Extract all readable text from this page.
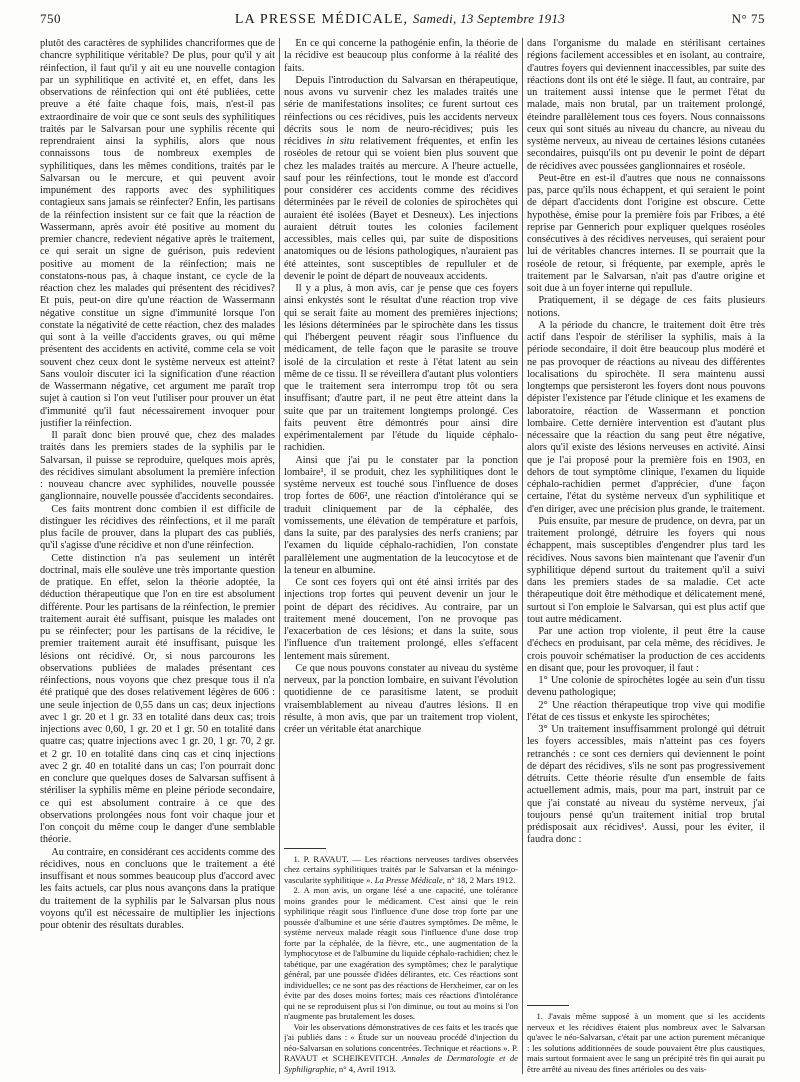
750	LA PRESSE MÉDICALE, Samedi, 13 Septembre 1913	N° 75

plutôt des caractères de syphilides chancriformes que de chancre syphilitique véritable? De plus, pour qu'il y ait réinfection, il faut qu'il y ait eu une nouvelle contagion par un syphilitique en activité et, en effet, dans les observations de réinfection qui ont été publiées, cette preuve a été faite chaque fois, mais, n'est-il pas extraordinaire de voir que ce sont seuls des syphilitiques traités par le Salvarsan pour une syphilis récente qui reprendraient ainsi la syphilis, alors que nous connaissons tous de nombreux exemples de syphilitiques, dans les mêmes conditions, traités par le Salvarsan ou le mercure, et qui peuvent avoir impunément des rapports avec des syphilitiques contagieux sans jamais se réinfecter? Enfin, les partisans de la réinfection insistent sur ce fait que la réaction de Wassermann, après avoir été positive au moment du premier chancre, redevient négative après le traitement, ce qui serait un signe de guérison, puis redevient positive au moment de la réinfection; mais ne constatons-nous pas, à chaque instant, ce cycle de la réaction chez les malades qui présentent des récidives? Et puis, peut-on dire qu'une réaction de Wassermann négative constitue un signe d'immunité lorsque l'on constate la négativité de cette réaction, chez des malades qui sont à la veille d'accidents graves, ou qui même présentent des accidents en activité, comme cela se voit souvent chez ceux dont le système nerveux est atteint? Sans vouloir discuter ici la signification d'une réaction de Wassermann négative, cet argument me paraît trop sujet à caution si l'on veut l'utiliser pour prouver un état d'immunité qu'il faut nécessairement invoquer pour justifier la réinfection.

Il paraît donc bien prouvé que, chez des malades traités dans les premiers stades de la syphilis par le Salvarsan, il puisse se reproduire, quelques mois après, des récidives simulant absolument la première infection : nouveau chancre avec syphilides, nouvelle poussée ganglionnaire, nouvelle poussée d'accidents secondaires.

Ces faits montrent donc combien il est difficile de distinguer les récidives des réinfections, et il me paraît plus facile de prouver, dans la plupart des cas publiés, qu'il s'agisse d'une récidive et non d'une réinfection.

Cette distinction n'a pas seulement un intérêt doctrinal, mais elle soulève une très importante question de pratique. En effet, selon la théorie adoptée, la déduction thérapeutique que l'on en tire est absolument différente. Pour les partisans de la réinfection, le premier traitement aurait été suffisant, puisque les malades ont pu se réinfecter; pour les partisans de la récidive, le premier traitement aurait été insuffisant, puisque les lésions ont récidivé. Or, si nous parcourons les observations publiées de malades présentant ces réinfections, nous voyons que chez presque tous il n'a été pratiqué que des doses relativement légères de 606 : une seule injection de 0,55 dans un cas; deux injections avec 1 gr. 20 et 1 gr. 33 en totalité dans deux cas; trois injections avec 0,60, 1 gr. 20 et 1 gr. 50 en totalité dans quatre cas; quatre injections avec 1 gr. 20, 1 gr. 70, 2 gr. et 2 gr. 10 en totalité dans cinq cas et cinq injections avec 2 gr. 40 en totalité dans un cas; l'on pourrait donc en conclure que quelques doses de Salvarsan suffisent à stériliser la syphilis même en pleine période secondaire, ce qui est absolument contraire à ce que des observations prolongées nous font voir chaque jour et l'on conçoit du même coup le danger d'une semblable théorie.

Au contraire, en considérant ces accidents comme des récidives, nous en concluons que le traitement a été insuffisant et nous sommes beaucoup plus d'accord avec les faits actuels, car plus nous avançons dans la pratique du traitement de la syphilis par le Salvarsan plus nous voyons qu'il est nécessaire de multiplier les injections pour obtenir des résultats durables.

En ce qui concerne la pathogénie enfin, la théorie de la récidive est beaucoup plus conforme à la réalité des faits.

Depuis l'introduction du Salvarsan en thérapeutique, nous avons vu survenir chez les malades traités une série de manifestations insolites; ce furent surtout ces réinfections ou ces récidives, puis les accidents nerveux décrits sous le nom de neuro-récidives; puis les récidives in situ relativement fréquentes, et enfin les roséoles de retour qui se voient bien plus souvent que chez les malades traités au mercure. A l'heure actuelle, sauf pour les réinfections, tout le monde est d'accord pour considérer ces accidents comme des récidives déterminées par le réveil de colonies de spirochètes qui auraient été isolées (Bayet et Desneux). Les injections auraient détruit toutes les colonies facilement accessibles, mais celles qui, par suite de dispositions anatomiques ou de lésions pathologiques, n'auraient pas été atteintes, sont susceptibles de repulluler et de devenir le point de départ de nouveaux accidents.

Il y a plus, à mon avis, car je pense que ces foyers ainsi enkystés sont le résultat d'une réaction trop vive qui se serait faite au moment des premières injections; les lésions déterminées par le spirochète dans les tissus qui l'hébergent peuvent réagir sous l'influence du médicament, de telle façon que le parasite se trouve isolé de la circulation et reste à l'état latent au sein même de ce tissu. Il se réveillera d'autant plus volontiers que le traitement sera interrompu trop tôt ou sera insuffisant; d'autre part, il ne peut être atteint dans la suite que par un traitement longtemps prolongé. Ces faits peuvent être démontrés pour ainsi dire expérimentalement par l'étude du liquide céphalo-rachidien.

Ainsi que j'ai pu le constater par la ponction lombaire¹, il se produit, chez les syphilitiques dont le système nerveux est touché sous l'influence de doses trop fortes de 606², une réaction d'intolérance qui se traduit cliniquement par de la céphalée, des vomissements, une élévation de température et parfois, dans la suite, par des paralysies des nerfs craniens; par l'examen du liquide céphalo-rachidien, l'on constate parallèlement une augmentation de la leucocytose et de la teneur en albumine.

Ce sont ces foyers qui ont été ainsi irrités par des injections trop fortes qui peuvent devenir un jour le point de départ des récidives. Au contraire, par un traitement mené doucement, l'on ne provoque pas l'exacerbation de ces lésions; et dans la suite, sous l'influence d'un traitement prolongé, elles s'effacent lentement mais sûrement.

Ce que nous pouvons constater au niveau du système nerveux, par la ponction lombaire, en suivant l'évolution quotidienne de ce parasitisme latent, se produit vraisemblablement au niveau d'autres lésions. Il en résulte, à mon avis, que par un traitement trop violent, créer un véritable état anarchique

1. P. RAVAUT. — Les réactions nerveuses tardives observées chez certains syphilitiques traités par le Salvarsan et la méningo-vascularite syphilitique ». La Presse Médicale, n° 18, 2 Mars 1912.

2. A mon avis, un organe lésé a une capacité, une tolérance moins grandes pour le médicament. C'est ainsi que le rein syphilitique réagit sous l'influence d'une dose trop forte par une poussée d'albumine et une série d'autres symptômes. De même, le système nerveux malade réagit sous l'influence d'une dose trop forte par la céphalée, de la fièvre, etc., une augmentation de la lymphocytose et de l'albumine du liquide céphalo-rachidien; chez le tabétique, par une exagération des symptômes; chez le paralytique général, par une poussée d'idées délirantes, etc. Ces réactions sont individuelles; ce ne sont pas des réactions de Herxheimer, car on les évite par des doses moins fortes; mais ces réactions d'intolérance qui ne se reproduisent plus si l'on diminue, ou tout au moins si l'on n'augmente pas brutalement les doses.

Voir les observations démonstratives de ces faits et les tracés que j'ai publiés dans : « Étude sur un nouveau procédé d'injection du néo-Salvarsan en solutions concentrées. Technique et réactions ». P. RAVAUT et SCHEIKEVITCH. Annales de Dermatologie et de Syphiligraphie, n° 4, Avril 1913.

dans l'organisme du malade en stérilisant certaines régions facilement accessibles et en isolant, au contraire, d'autres foyers qui deviennent inaccessibles, par suite des réactions dont ils ont été le siège. Il faut, au contraire, par un traitement aussi intense que le permet l'état du malade, mais non brutal, par un traitement prolongé, éteindre parallèlement tous ces foyers. Nous connaissons ceux qui sont situés au niveau du chancre, au niveau du système nerveux, au niveau de certaines lésions cutanées secondaires, puisqu'ils ont pu devenir le point de départ de récidives avec poussées ganglionnaires et roséole.

Peut-être en est-il d'autres que nous ne connaissons pas, parce qu'ils nous échappent, et qui seraient le point de départ d'accidents dont l'origine est obscure. Cette hypothèse, émise pour la première fois par Fribœs, a été reprise par Gennerich pour expliquer quelques roséoles consécutives à des récidives nerveuses, qui seraient pour lui de véritables chancres internes. Il se pourrait que la roséole de retour, si fréquente, par exemple, après le traitement par le Salvarsan, n'ait pas d'autre origine et soit due à un foyer interne qui repullule.

Pratiquement, il se dégage de ces faits plusieurs notions.

A la période du chancre, le traitement doit être très actif dans l'espoir de stériliser la syphilis, mais à la période secondaire, il doit être beaucoup plus modéré et ne pas provoquer de réactions au niveau des différentes localisations du spirochète. Il sera maintenu aussi longtemps que persisteront les foyers dont nous pouvons dépister l'existence par l'étude clinique et les examens de laboratoire, réaction de Wassermann et ponction lombaire. Cette dernière intervention est d'autant plus nécessaire que la réaction du sang peut être négative, alors qu'il existe des lésions nerveuses en activité. Ainsi que je l'ai proposé pour la première fois en 1903, en dehors de tout symptôme clinique, l'examen du liquide céphalo-rachidien permet d'apprécier, d'une façon certaine, l'état du système nerveux d'un syphilitique et d'en diriger, avec une précision plus grande, le traitement.

Puis ensuite, par mesure de prudence, on devra, par un traitement prolongé, détruire les foyers qui nous échappent, mais susceptibles d'engendrer plus tard les récidives. Nous savons bien maintenant que l'avenir d'un syphilitique dépend surtout du traitement qu'il a suivi dans les premiers stades de sa maladie. Cet acte thérapeutique doit être méthodique et délicatement mené, surtout si l'on emploie le Salvarsan, qui est plus actif que tout autre médicament.

Par une action trop violente, il peut être la cause d'échecs en produisant, par cela même, des récidives. Je crois pouvoir schématiser la production de ces accidents en disant que, pour les provoquer, il faut :

1° Une colonie de spirochètes logée au sein d'un tissu devenu pathologique;

2° Une réaction thérapeutique trop vive qui modifie l'état de ces tissus et enkyste les spirochètes;

3° Un traitement insuffisamment prolongé qui détruit les foyers accessibles, mais n'atteint pas ces foyers retranchés : ce sont ces derniers qui deviennent le point de départ des récidives, s'ils ne sont pas progressivement détruits. Cette théorie résulte d'un ensemble de faits actuellement admis, mais, pour ma part, instruit par ce que j'ai constaté au niveau du système nerveux, j'ai toujours pensé qu'un traitement initial trop brutal prédisposait aux récidives¹. Aussi, pour les éviter, il faudra donc :

1. J'avais même supposé à un moment que si les accidents nerveux et les récidives étaient plus nombreux avec le Salvarsan qu'avec le néo-Salvarsan, c'était par une action purement mécanique : les solutions additionnées de soude pouvaient être plus caustiques, mais surtout formaient avec le sang un précipité très fin qui aurait pu être arrêté au niveau des fines artérioles ou des vais-
